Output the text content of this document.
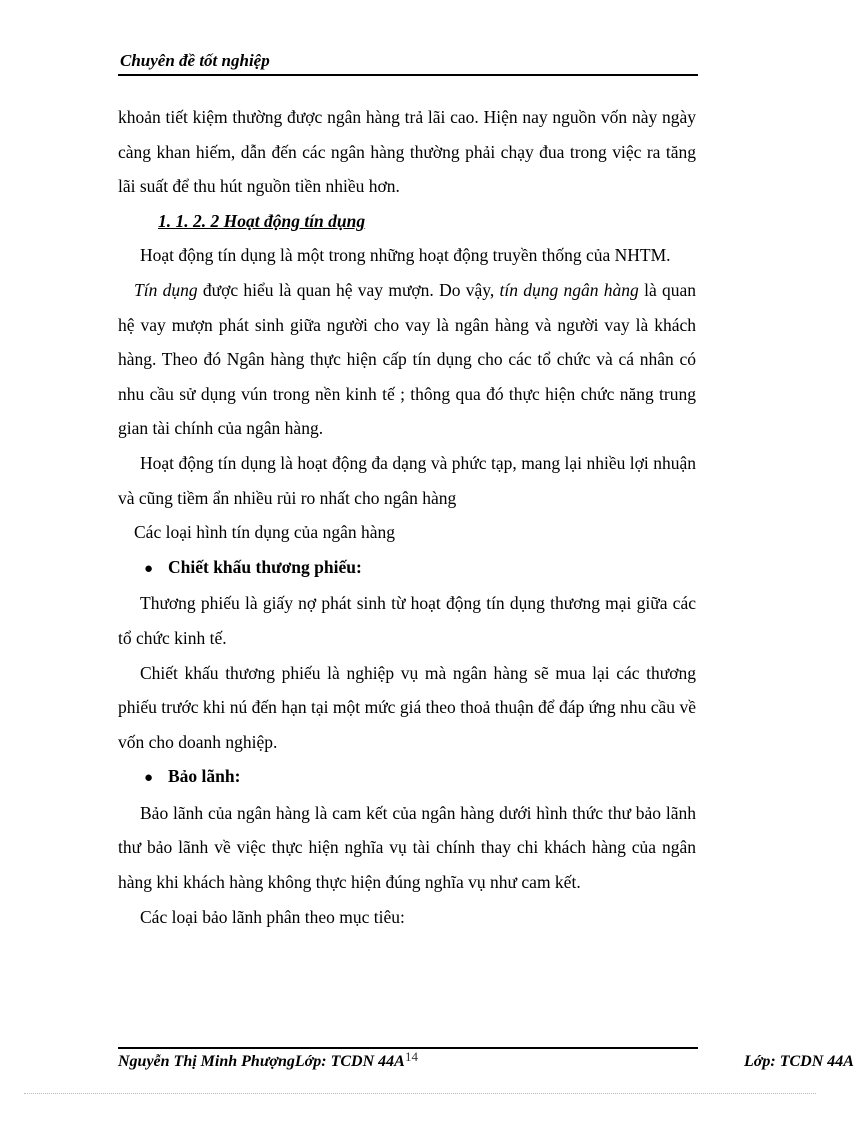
Chuyên đề tốt nghiệp

khoản tiết kiệm thường được ngân hàng trả lãi cao. Hiện nay nguồn vốn này ngày càng khan hiếm, dẫn đến các ngân hàng thường phải chạy đua trong việc ra tăng lãi suất để thu hút nguồn tiền nhiều hơn.

1. 1. 2. 2 Hoạt động tín dụng

Hoạt động tín dụng là một trong những hoạt động truyền thống của NHTM.

Tín dụng được hiểu là quan hệ vay mượn. Do vậy, tín dụng ngân hàng là quan hệ vay mượn phát sinh giữa người cho vay là ngân hàng và người vay là khách hàng. Theo đó Ngân hàng thực hiện cấp tín dụng cho các tổ chức và cá nhân có nhu cầu sử dụng vún trong nền kinh tế ; thông qua đó thực hiện chức năng trung gian tài chính của ngân hàng.

Hoạt động tín dụng là hoạt động đa dạng và phức tạp, mang lại nhiều lợi nhuận và cũng tiềm ẩn nhiều rủi ro nhất cho ngân hàng

Các loại hình tín dụng của ngân hàng

● Chiết khấu thương phiếu:

Thương phiếu là giấy nợ phát sinh từ hoạt động tín dụng thương mại giữa các tổ chức kinh tế.

Chiết khấu thương phiếu là nghiệp vụ mà ngân hàng sẽ mua lại các thương phiếu trước khi nú đến hạn tại một mức giá theo thoả thuận để đáp ứng nhu cầu về vốn cho doanh nghiệp.

● Bảo lãnh:

Bảo lãnh của ngân hàng là cam kết của ngân hàng dưới hình thức thư bảo lãnh thư bảo lãnh về việc thực hiện nghĩa vụ tài chính thay chi khách hàng của ngân hàng khi khách hàng không thực hiện đúng nghĩa vụ như cam kết.

Các loại bảo lãnh phân theo mục tiêu:

Nguyễn Thị Minh PhượngLớp: TCDN 44A 14	Lớp: TCDN 44A
